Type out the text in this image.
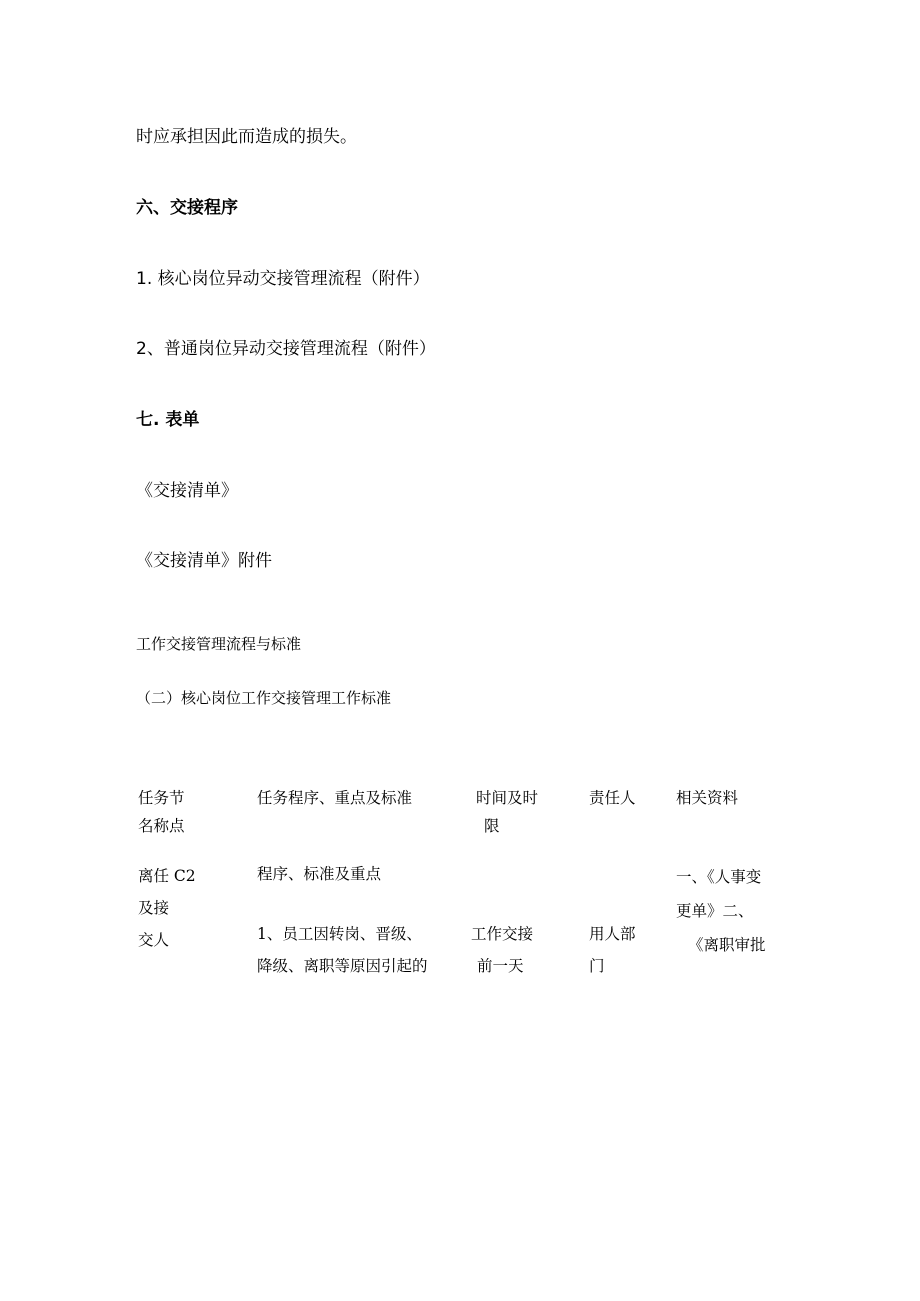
时应承担因此而造成的损失。
六、交接程序
1. 核心岗位异动交接管理流程（附件）
2、普通岗位异动交接管理流程（附件）
七. 表单
《交接清单》
《交接清单》附件
工作交接管理流程与标准
（二）核心岗位工作交接管理工作标准
任务节
名称点
任务程序、重点及标准	时间及时
限
责任人	相关资料
离任 C2
及接
交人
程序、标准及重点
1、员工因转岗、晋级、
降级、离职等原因引起的
工作交接
前一天
用人部
门
一、《人事变
更单》二、
《离职审批
